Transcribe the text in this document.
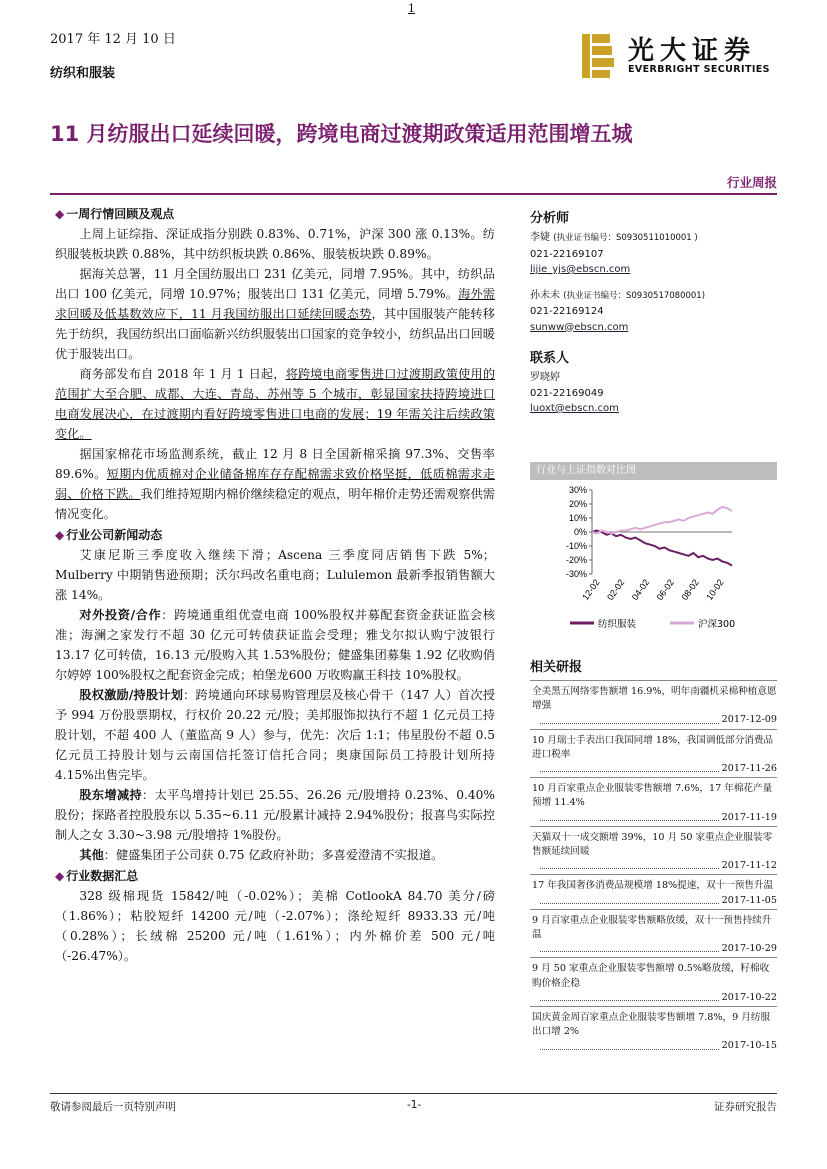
1
2017 年 12 月 10 日
纺织和服装
光大证券
EVERBRIGHT SECURITIES
11 月纺服出口延续回暖，跨境电商过渡期政策适用范围增五城
行业周报
◆ 一周行情回顾及观点

上周上证综指、深证成指分别跌 0.83%、0.71%，沪深 300 涨 0.13%。纺织服装板块跌 0.88%，其中纺织板块跌 0.86%、服装板块跌 0.89%。

据海关总署，11 月全国纺服出口 231 亿美元，同增 7.95%。其中，纺织品出口 100 亿美元，同增 10.97%；服装出口 131 亿美元，同增 5.79%。海外需求回暖及低基数效应下，11 月我国纺服出口延续回暖态势，其中国服装产能转移先于纺织，我国纺织出口面临新兴纺织服装出口国家的竞争较小，纺织品出口回暖优于服装出口。

商务部发布自 2018 年 1 月 1 日起，将跨境电商零售进口过渡期政策使用的范围扩大至合肥、成都、大连、青岛、苏州等 5 个城市，彰显国家扶持跨境进口电商发展决心，在过渡期内看好跨境零售进口电商的发展；19 年需关注后续政策变化。

据国家棉花市场监测系统，截止 12 月 8 日全国新棉采摘 97.3%、交售率 89.6%。短期内优质棉对企业储备棉库存存配棉需求致价格坚挺，低质棉需求走弱、价格下跌。我们维持短期内棉价继续稳定的观点，明年棉价走势还需观察供需情况变化。

◆ 行业公司新闻动态

艾康尼斯三季度收入继续下滑；Ascena 三季度同店销售下跌 5%；Mulberry 中期销售逊预期；沃尔玛改名重电商；Lululemon 最新季报销售额大涨 14%。

对外投资/合作：跨境通重组优壹电商 100%股权并募配套资金获证监会核准；海澜之家发行不超 30 亿元可转债获证监会受理；雅戈尔拟认购宁波银行 13.17 亿可转债，16.13 元/股购入其 1.53%股份；健盛集团募集 1.92 亿收购俏尔婷婷 100%股权之配套资金完成；柏堡龙600 万收购赢王科技 10%股权。

股权激励/持股计划：跨境通向环球易购管理层及核心骨干（147 人）首次授予 994 万份股票期权，行权价 20.22 元/股；美邦服饰拟执行不超 1 亿元员工持股计划，不超 400 人（董监高 9 人）参与，优先：次后 1:1；伟星股份不超 0.5 亿元员工持股计划与云南国信托签订信托合同；奥康国际员工持股计划所持 4.15%出售完毕。

股东增减持：太平鸟增持计划已 25.55、26.26 元/股增持 0.23%、0.40%股份；探路者控股股东以 5.35~6.11 元/股累计减持 2.94%股份；报喜鸟实际控制人之女 3.30~3.98 元/股增持 1%股份。

其他：健盛集团子公司获 0.75 亿政府补助；多喜爱澄清不实报道。

◆ 行业数据汇总

328 级棉现货 15842/吨（-0.02%）；美棉 CotlookA 84.70 美分/磅（1.86%）；粘胶短纤 14200 元/吨（-2.07%）；涤纶短纤 8933.33 元/吨（0.28%）；长绒棉 25200 元/吨（1.61%）；内外棉价差 500 元/吨（-26.47%）。

分析师
李婕 (执业证书编号：S0930511010001 )
021-22169107
lijie_yjs@ebscn.com
孙未未 (执业证书编号：S0930517080001)
021-22169124
sunww@ebscn.com
联系人
罗晓婷
021-22169049
luoxt@ebscn.com
行业与上证指数对比图
30%
20%
10%
0%
-10%
-20%
-30%
12-02 02-02 04-02 06-02 08-02 10-02
纺织服装	沪深300
相关研报
全美黑五网络零售额增 16.9%，明年南疆机采棉种植意愿增强
2017-12-09
10 月瑞士手表出口我国同增 18%，我国调低部分消费品进口税率
2017-11-26
10 月百家重点企业服装零售额增 7.6%，17 年棉花产量预增 11.4%
2017-11-19
天猫双十一成交额增 39%，10 月 50 家重点企业服装零售额延续回暖
2017-11-12
17 年我国奢侈消费品规模增 18%提速，双十一预售升温
2017-11-05
9 月百家重点企业服装零售额略放缓，双十一预售持续升温
2017-10-29
9 月 50 家重点企业服装零售额增 0.5%略放缓，籽棉收购价格企稳
2017-10-22
国庆黄金周百家重点企业服装零售额增 7.8%，9 月纺服出口增 2%
2017-10-15
敬请参阅最后一页特别声明	-1-	证券研究报告
